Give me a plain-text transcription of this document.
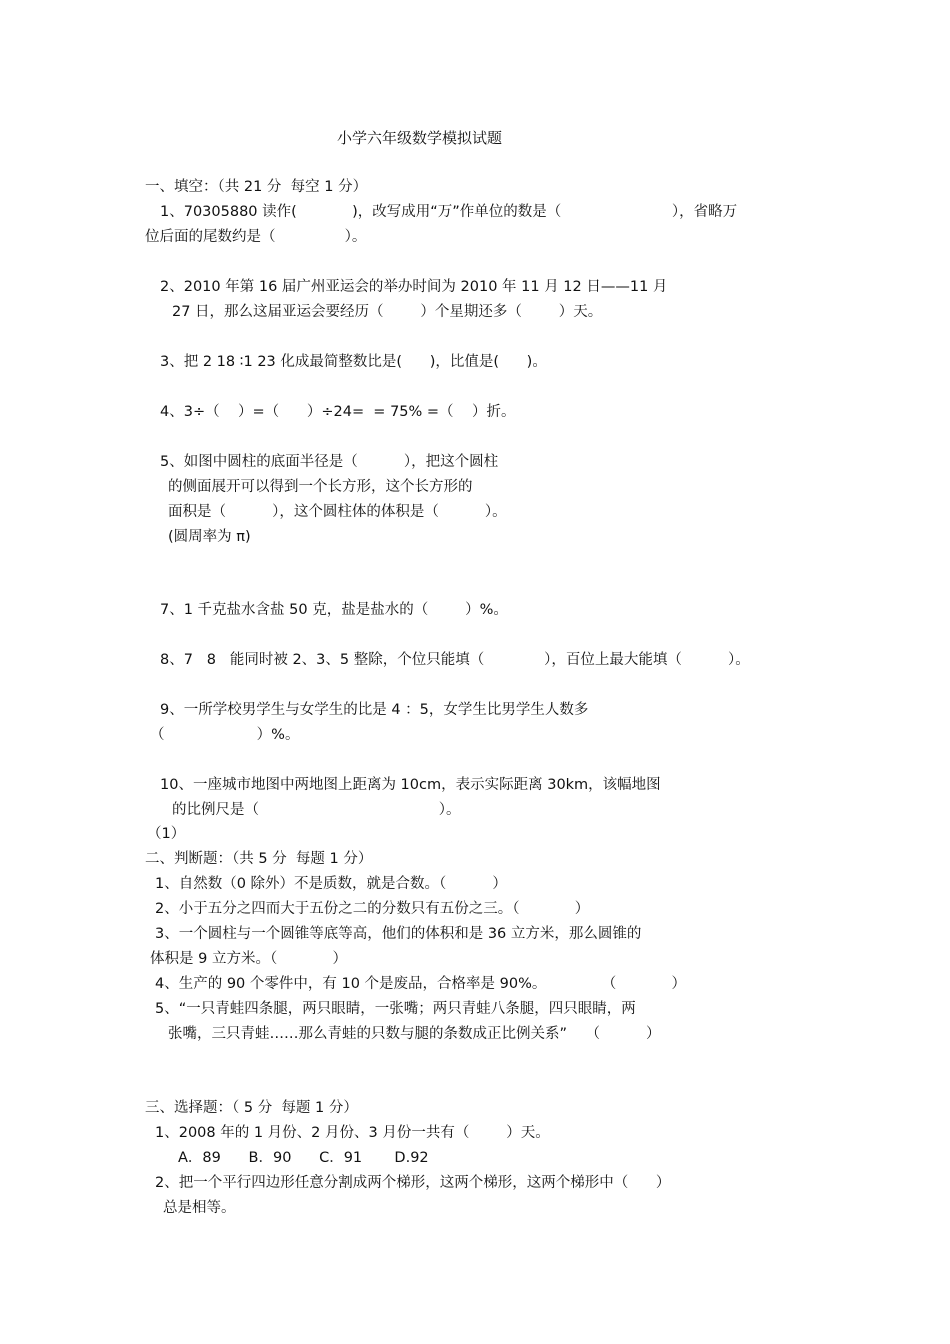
小学六年级数学模拟试题
一、填空：（共 21 分  每空 1 分）
1、70305880 读作(            )，改写成用“万”作单位的数是（                        ），省略万
位后面的尾数约是（               ）。
2、2010 年第 16 届广州亚运会的举办时间为 2010 年 11 月 12 日——11 月
27 日，那么这届亚运会要经历（        ）个星期还多（        ）天。
3、把 2 18 ∶1 23 化成最简整数比是(      )，比值是(      )。
4、3÷（    ）=（      ）÷24=  = 75% =（    ）折。
5、如图中圆柱的底面半径是（          ），把这个圆柱
的侧面展开可以得到一个长方形，这个长方形的
面积是（          ），这个圆柱体的体积是（          ）。
(圆周率为 π)
7、1 千克盐水含盐 50 克，盐是盐水的（        ）%。
8、7   8   能同时被 2、3、5 整除，个位只能填（             ），百位上最大能填（          ）。
9、一所学校男学生与女学生的比是 4 ：5，女学生比男学生人数多
（                    ）%。
10、一座城市地图中两地图上距离为 10cm，表示实际距离 30km，该幅地图
的比例尺是（                                       ）。
（1）
二、判断题：（共 5 分  每题 1 分）
1、自然数（0 除外）不是质数，就是合数。（          ）
2、小于五分之四而大于五份之二的分数只有五份之三。（            ）
3、一个圆柱与一个圆锥等底等高，他们的体积和是 36 立方米，那么圆锥的
体积是 9 立方米。（            ）
4、生产的 90 个零件中，有 10 个是废品，合格率是 90%。            （            ）
5、“一只青蛙四条腿，两只眼睛，一张嘴；两只青蛙八条腿，四只眼睛，两
张嘴，三只青蛙……那么青蛙的只数与腿的条数成正比例关系”    （          ）
三、选择题：（ 5 分  每题 1 分）
1、2008 年的 1 月份、2 月份、3 月份一共有（        ）天。
A．89      B．90      C．91       D.92
2、把一个平行四边形任意分割成两个梯形，这两个梯形，这两个梯形中（      ）
总是相等。
